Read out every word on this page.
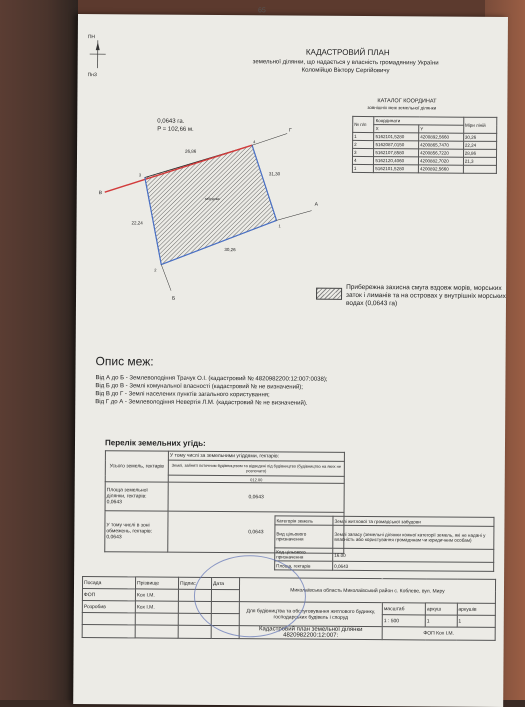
65
ПН
ПнЗ
КАДАСТРОВИЙ ПЛАН
земельної ділянки, що надається у власність громадянину України
Коломійцю Віктору Сергійовичу
0,0643 га.
P = 102,66 м.
26,86
31,30
30,26
22,24
забудова
А
Б
В
Г
1
2
3
4
КАТАЛОГ КООРДИНАТ
зовнішніх меж земельної ділянки
№ п/п	Координати		Міри ліній
	X	Y	
1	5162101,5280	4200892,5660	30,26
2	5162087,0150	4200865,7470	22,24
3	5162107,8580	4200856,7220	28,86
4	5162120,4060	4200882,7020	21,3
1	5162101,5280	4200892,5660	
Прибережна захисна смуга вздовж морів, морських заток і лиманів та на островах у внутрішніх морських водах (0,0643 га)
Опис меж:
Від А до Б - Землеволодіння Трачук О.І. (кадастровий № 4820982200:12:007:0038);
Від Б до В - Землі комунальної власності (кадастровий № не визначений);
Від В до Г - Землі населених пунктів загального користування;
Від Г до А - Землеволодіння Невертія Л.М. (кадастровий № не визначений).
Перелік земельних угідь:
Усього земель, гектарів	У тому числі за земельними угіддями, гектарів:
	Землі, зайняті поточним будівництвом та відведені під будівництво (будівництво на яких не розпочато)
	012.00
Площа земельної ділянки, гектарів:
0,0643	0,0643
У тому числі в зоні обмежень, гектарів:
0,0643	0,0643
Категорія земель	Землі житлової та громадської забудови
Вид цільового призначення	Землі запасу (земельні ділянки кожної категорії земель, які не надані у власність або користування громадянам чи юридичним особам)
Код цільового призначення	16.00
Площа, гектарів	0,0643
Посада	Прізвище	Підпис	Дата	Миколаївська область Миколаївський район с. Коблеве, вул. Миру			
ФОП	Кох І.М.						
Розробив	Кох І.М.			Для будівництва та обслуговування житлового будинку, господарських будівель і споруд	масштаб	аркуш	аркушів
					1 : 500	1	1
				Кадастровий план земельної ділянки
4820982200:12:007:	ФОП Кох І.М.		
